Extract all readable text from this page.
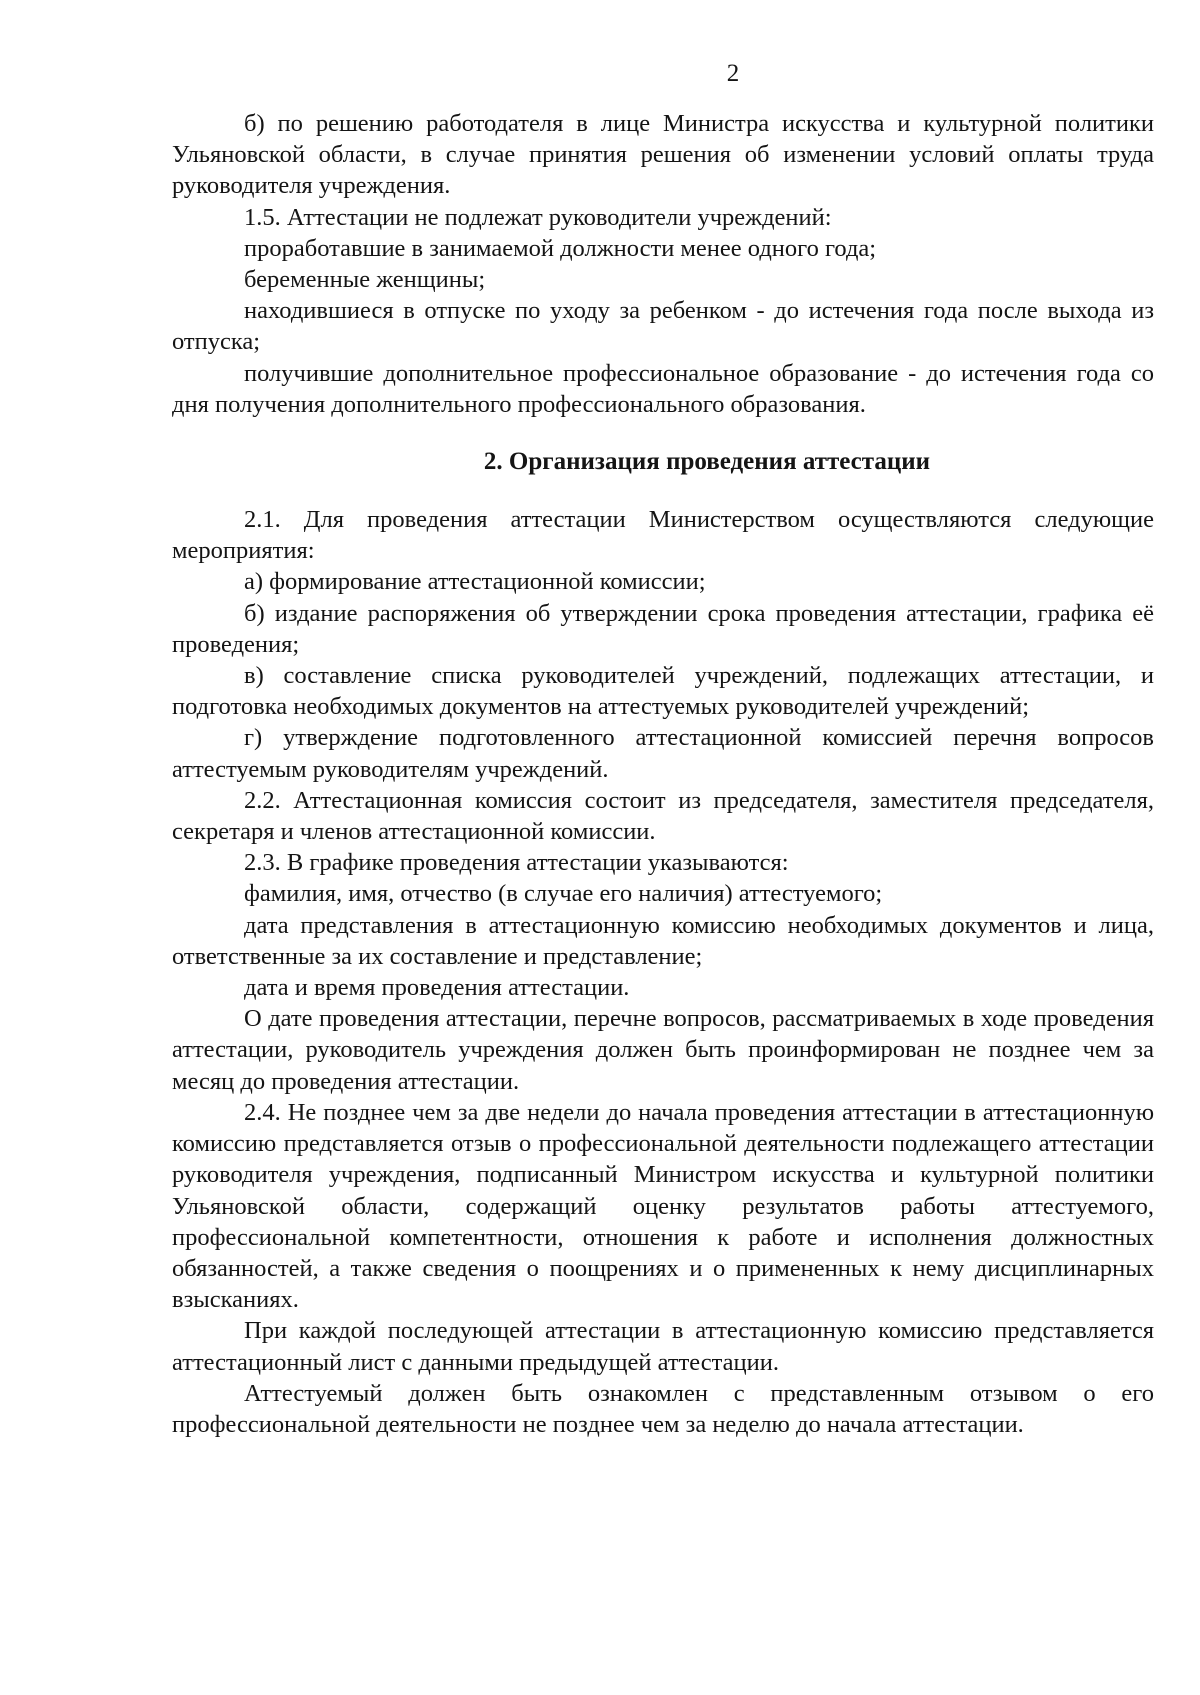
2

б) по решению работодателя в лице Министра искусства и культурной политики Ульяновской области, в случае принятия решения об изменении условий оплаты труда руководителя учреждения.

1.5. Аттестации не подлежат руководители учреждений:

проработавшие в занимаемой должности менее одного года;

беременные женщины;

находившиеся в отпуске по уходу за ребенком - до истечения года после выхода из отпуска;

получившие дополнительное профессиональное образование - до истечения года со дня получения дополнительного профессионального образования.

2. Организация проведения аттестации

2.1. Для проведения аттестации Министерством осуществляются следующие мероприятия:

а) формирование аттестационной комиссии;

б) издание распоряжения об утверждении срока проведения аттестации, графика её проведения;

в) составление списка руководителей учреждений, подлежащих аттестации, и подготовка необходимых документов на аттестуемых руководителей учреждений;

г) утверждение подготовленного аттестационной комиссией перечня вопросов аттестуемым руководителям учреждений.

2.2. Аттестационная комиссия состоит из председателя, заместителя председателя, секретаря и членов аттестационной комиссии.

2.3. В графике проведения аттестации указываются:

фамилия, имя, отчество (в случае его наличия) аттестуемого;

дата представления в аттестационную комиссию необходимых документов и лица, ответственные за их составление и представление;

дата и время проведения аттестации.

О дате проведения аттестации, перечне вопросов, рассматриваемых в ходе проведения аттестации, руководитель учреждения должен быть проинформирован не позднее чем за месяц до проведения аттестации.

2.4. Не позднее чем за две недели до начала проведения аттестации в аттестационную комиссию представляется отзыв о профессиональной деятельности подлежащего аттестации руководителя учреждения, подписанный Министром искусства и культурной политики Ульяновской области, содержащий оценку результатов работы аттестуемого, профессиональной компетентности, отношения к работе и исполнения должностных обязанностей, а также сведения о поощрениях и о примененных к нему дисциплинарных взысканиях.

При каждой последующей аттестации в аттестационную комиссию представляется аттестационный лист с данными предыдущей аттестации.

Аттестуемый должен быть ознакомлен с представленным отзывом о его профессиональной деятельности не позднее чем за неделю до начала аттестации.
